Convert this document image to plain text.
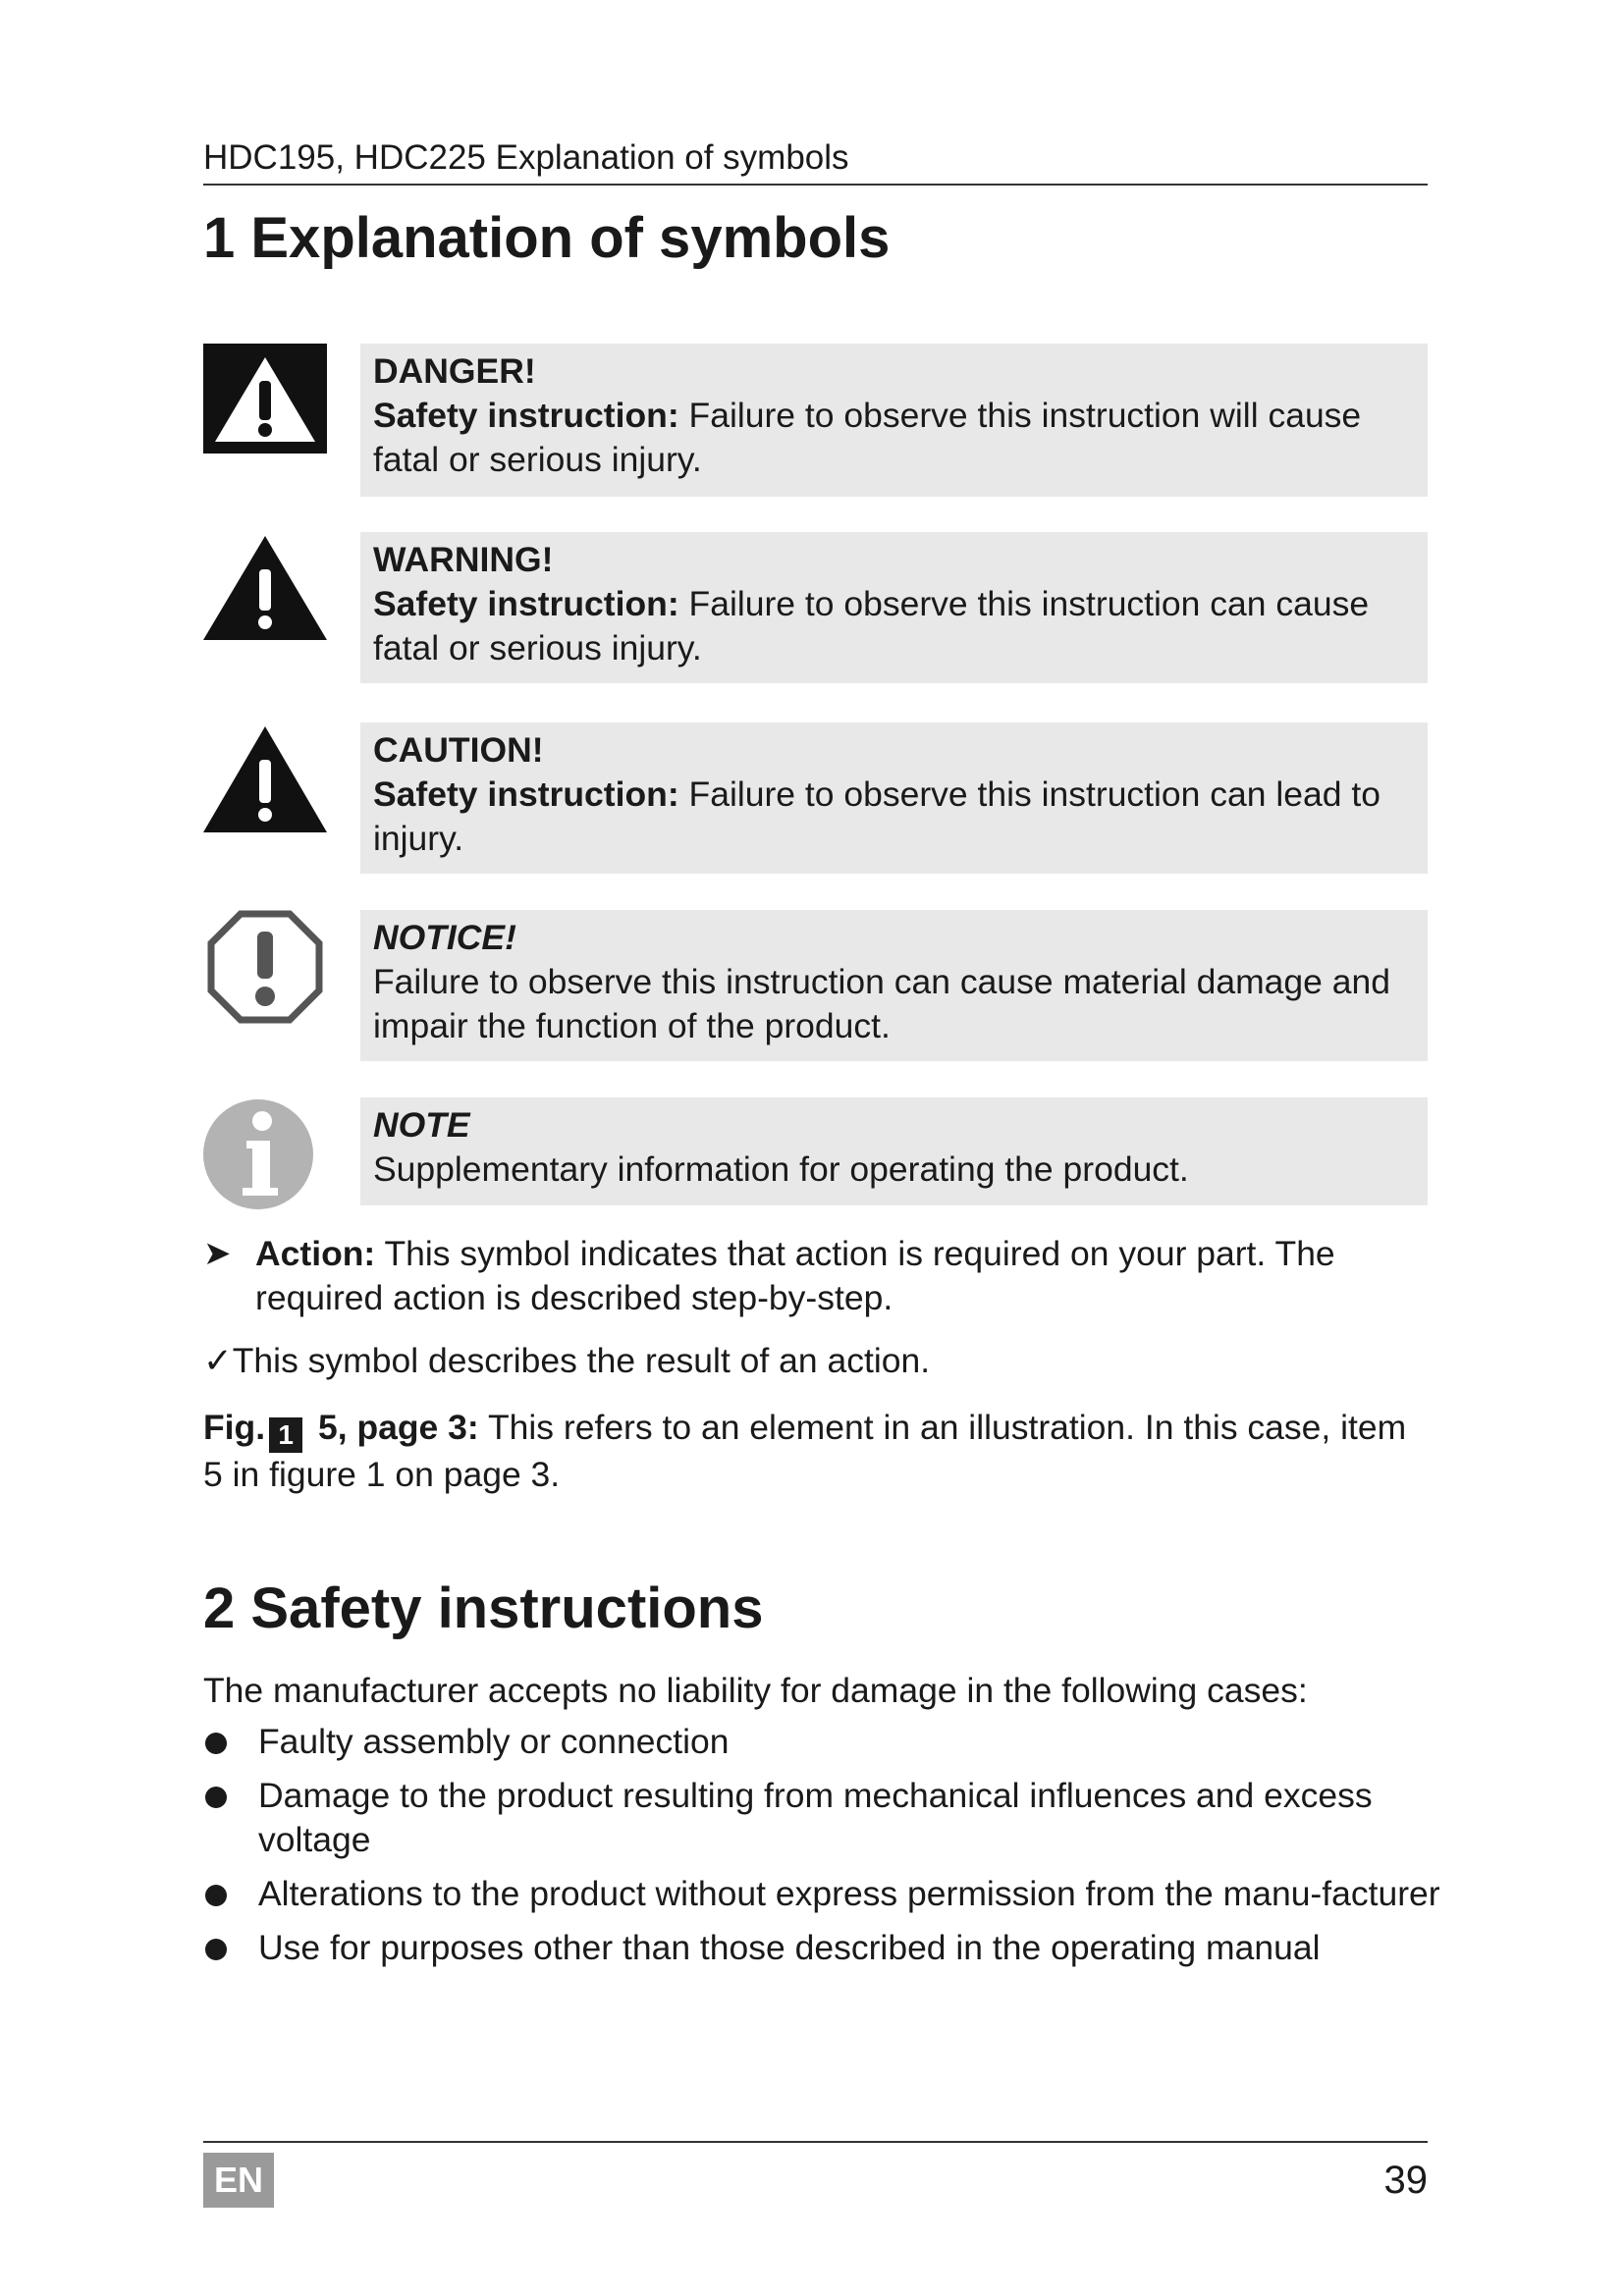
HDC195, HDC225 Explanation of symbols
1 Explanation of symbols
DANGER!
Safety instruction: Failure to observe this instruction will cause fatal or serious injury.
WARNING!
Safety instruction: Failure to observe this instruction can cause fatal or serious injury.
CAUTION!
Safety instruction: Failure to observe this instruction can lead to injury.
NOTICE!
Failure to observe this instruction can cause material damage and impair the function of the product.
NOTE
Supplementary information for operating the product.
➤ Action: This symbol indicates that action is required on your part. The required action is described step-by-step.
✓This symbol describes the result of an action.
Fig. 1 5, page 3: This refers to an element in an illustration. In this case, item 5 in figure 1 on page 3.
2 Safety instructions
The manufacturer accepts no liability for damage in the following cases:
Faulty assembly or connection
Damage to the product resulting from mechanical influences and excess voltage
Alterations to the product without express permission from the manu-facturer
Use for purposes other than those described in the operating manual
EN	39
